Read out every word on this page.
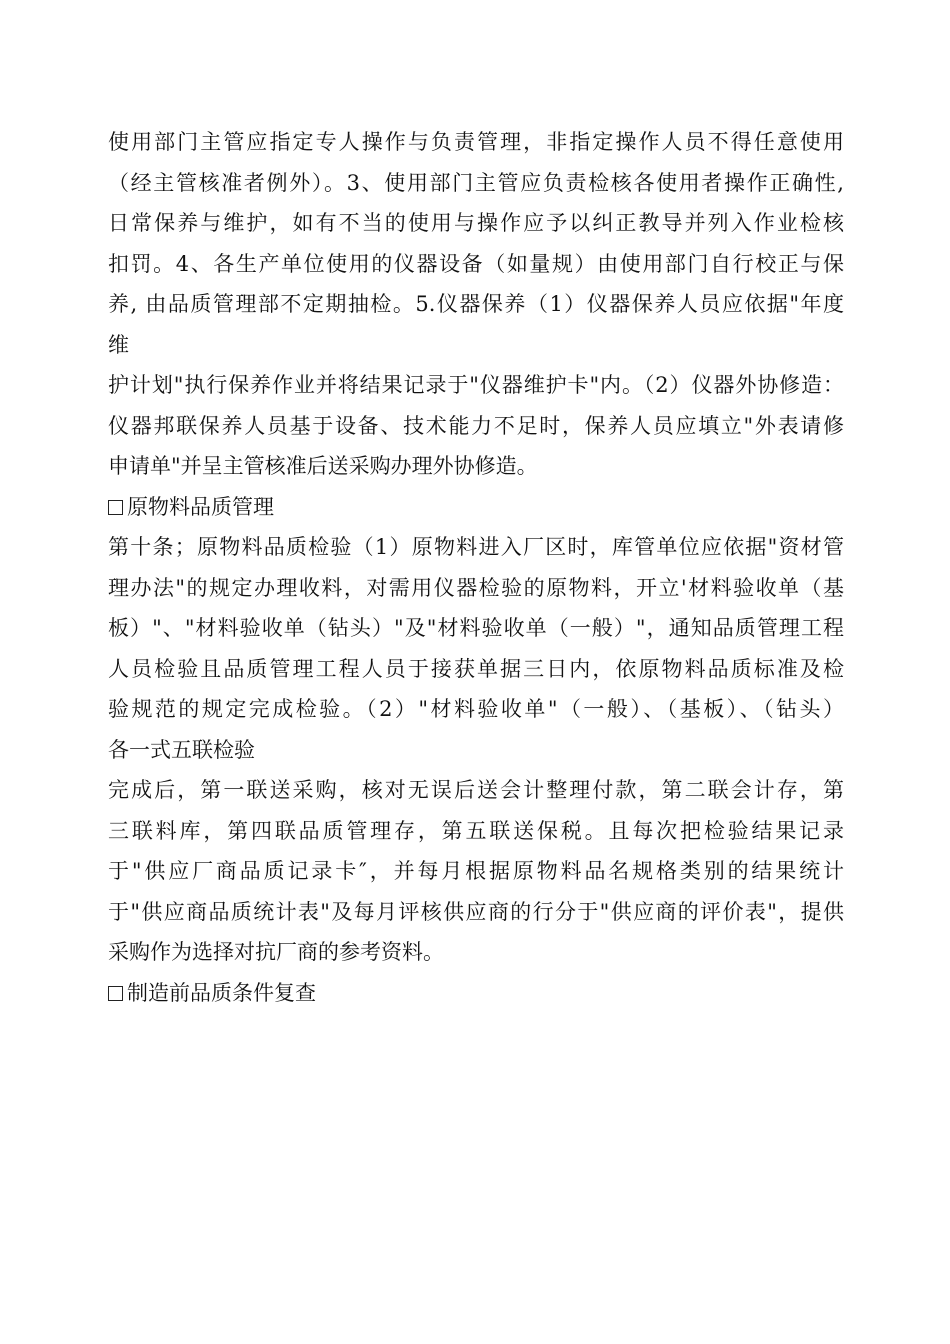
使用部门主管应指定专人操作与负责管理，非指定操作人员不得任意使用
（经主管核准者例外）。3、使用部门主管应负责检核各使用者操作正确性,
日常保养与维护，如有不当的使用与操作应予以纠正教导并列入作业检核
扣罚。4、各生产单位使用的仪器设备（如量规）由使用部门自行校正与保
养, 由品质管理部不定期抽检。5.仪器保养（1）仪器保养人员应依据"年度
维
护计划"执行保养作业并将结果记录于"仪器维护卡"内。（2）仪器外协修造：
仪器邦联保养人员基于设备、技术能力不足时，保养人员应填立"外表请修
申请单"并呈主管核准后送采购办理外协修造。
原物料品质管理
第十条；原物料品质检验（1）原物料进入厂区时，库管单位应依据"资材管
理办法"的规定办理收料，对需用仪器检验的原物料，开立'材料验收单（基
板）"、"材料验收单（钻头）"及"材料验收单（一般）"，通知品质管理工程
人员检验且品质管理工程人员于接获单据三日内，依原物料品质标准及检
验规范的规定完成检验。（2）"材料验收单"（一般）、（基板）、（钻头）
各一式五联检验
完成后，第一联送采购，核对无误后送会计整理付款，第二联会计存，第
三联料库，第四联品质管理存，第五联送保税。且每次把检验结果记录
于"供应厂商品质记录卡″，并每月根据原物料品名规格类别的结果统计
于"供应商品质统计表"及每月评核供应商的行分于"供应商的评价表"，提供
采购作为选择对抗厂商的参考资料。
制造前品质条件复查
